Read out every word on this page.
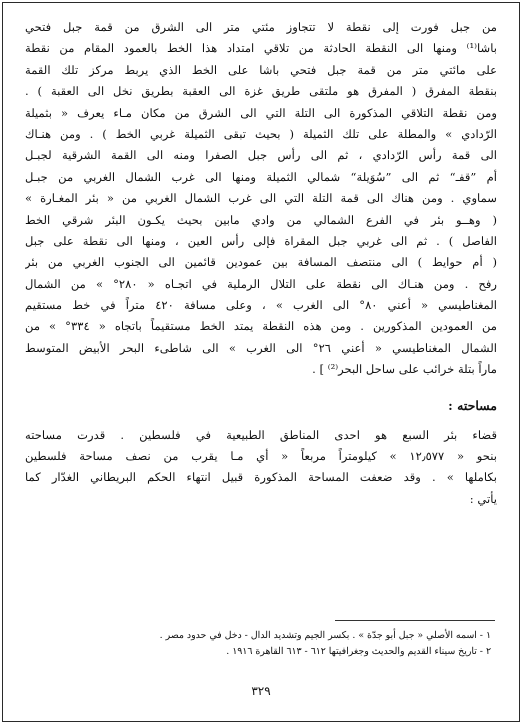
من جبل فورت إلى نقطة لا تتجاوز مئتي متر الى الشرق من قمة جبل فتحي
باشا⁽¹⁾ ومنها الى النقطة الحادثة من تلاقي امتداد هذا الخط بالعمود المقام من نقطة
على مائتي متر من قمة جبل فتحي باشا على الخط الذي يربط مركز تلك القمة
بنقطة المفرق ( المفرق هو ملتقى طريق غزة الى العقبة بطريق نخل الى العقبة ) .
ومن نقطة التلاقي المذكورة الى التلة التي الى الشرق من مكان مـاء يعرف « بثميلة
الرّدادي » والمطلة على تلك الثميلة ( بحيث تبقى الثميلة غربي الخط ) . ومن هنـاك
الى قمة رأس الرّدادي ، ثم الى رأس جبل الصفرا ومنه الى القمة الشرقية لجبـل
أم ”قفـ“ ثم الى ”سُوَيلة“ شمالي الثميلة ومنها الى غرب الشمال الغربي من جبـل
سماوي . ومن هناك الى قمة التلة التي الى غرب الشمال الغربي من « بئر المغـارة »
( وهــو بئر في الفرع الشمالي من وادي مابين بحيث يكـون البئر شرقي الخط
الفاصل ) . ثم الى غربي جبل المقراة فإلى رأس العين ، ومنها الى نقطة على جبل
( أم حوايط ) الى منتصف المسافة بين عمودين قائمين الى الجنوب الغربي من بئر
رفح . ومن هنـاك الى نقطة على التلال الرملية في اتجـاه « ٢٨٠° » من الشمال
المغناطيسي « أعني ٨٠° الى الغرب » ، وعلى مسافة ٤٢٠ متراً في خط مستقيم
من العمودين المذكورين . ومن هذه النقطة يمتد الخط مستقيماً باتجاه « ٣٣٤° » من
الشمال المغناطيسي « أعني ٢٦° الى الغرب » الى شاطىء البحر الأبيض المتوسط
ماراً بتلة خرائب على ساحل البحر⁽²⁾ ] .
مساحته :
قضاء بئر السبع هو احدى المناطق الطبيعية في فلسطين . قدرت مساحته
بنحو « ١٢٫٥٧٧ » كيلومتراً مربعاً « أي مـا يقرب من نصف مساحة فلسطين
بكاملها » . وقد ضعفت المساحة المذكورة قبيل انتهاء الحكم البريطاني الغدّار كما
يأتي :
١ - اسمه الأصلي « جبل أبو جدّة » . بكسر الجيم وتشديد الدال - دخل في حدود مصر .
٢ - تاريخ سيناء القديم والحديث وجغرافيتها ٦١٢ - ٦١٣ القاهرة ١٩١٦ .
٣٢٩
